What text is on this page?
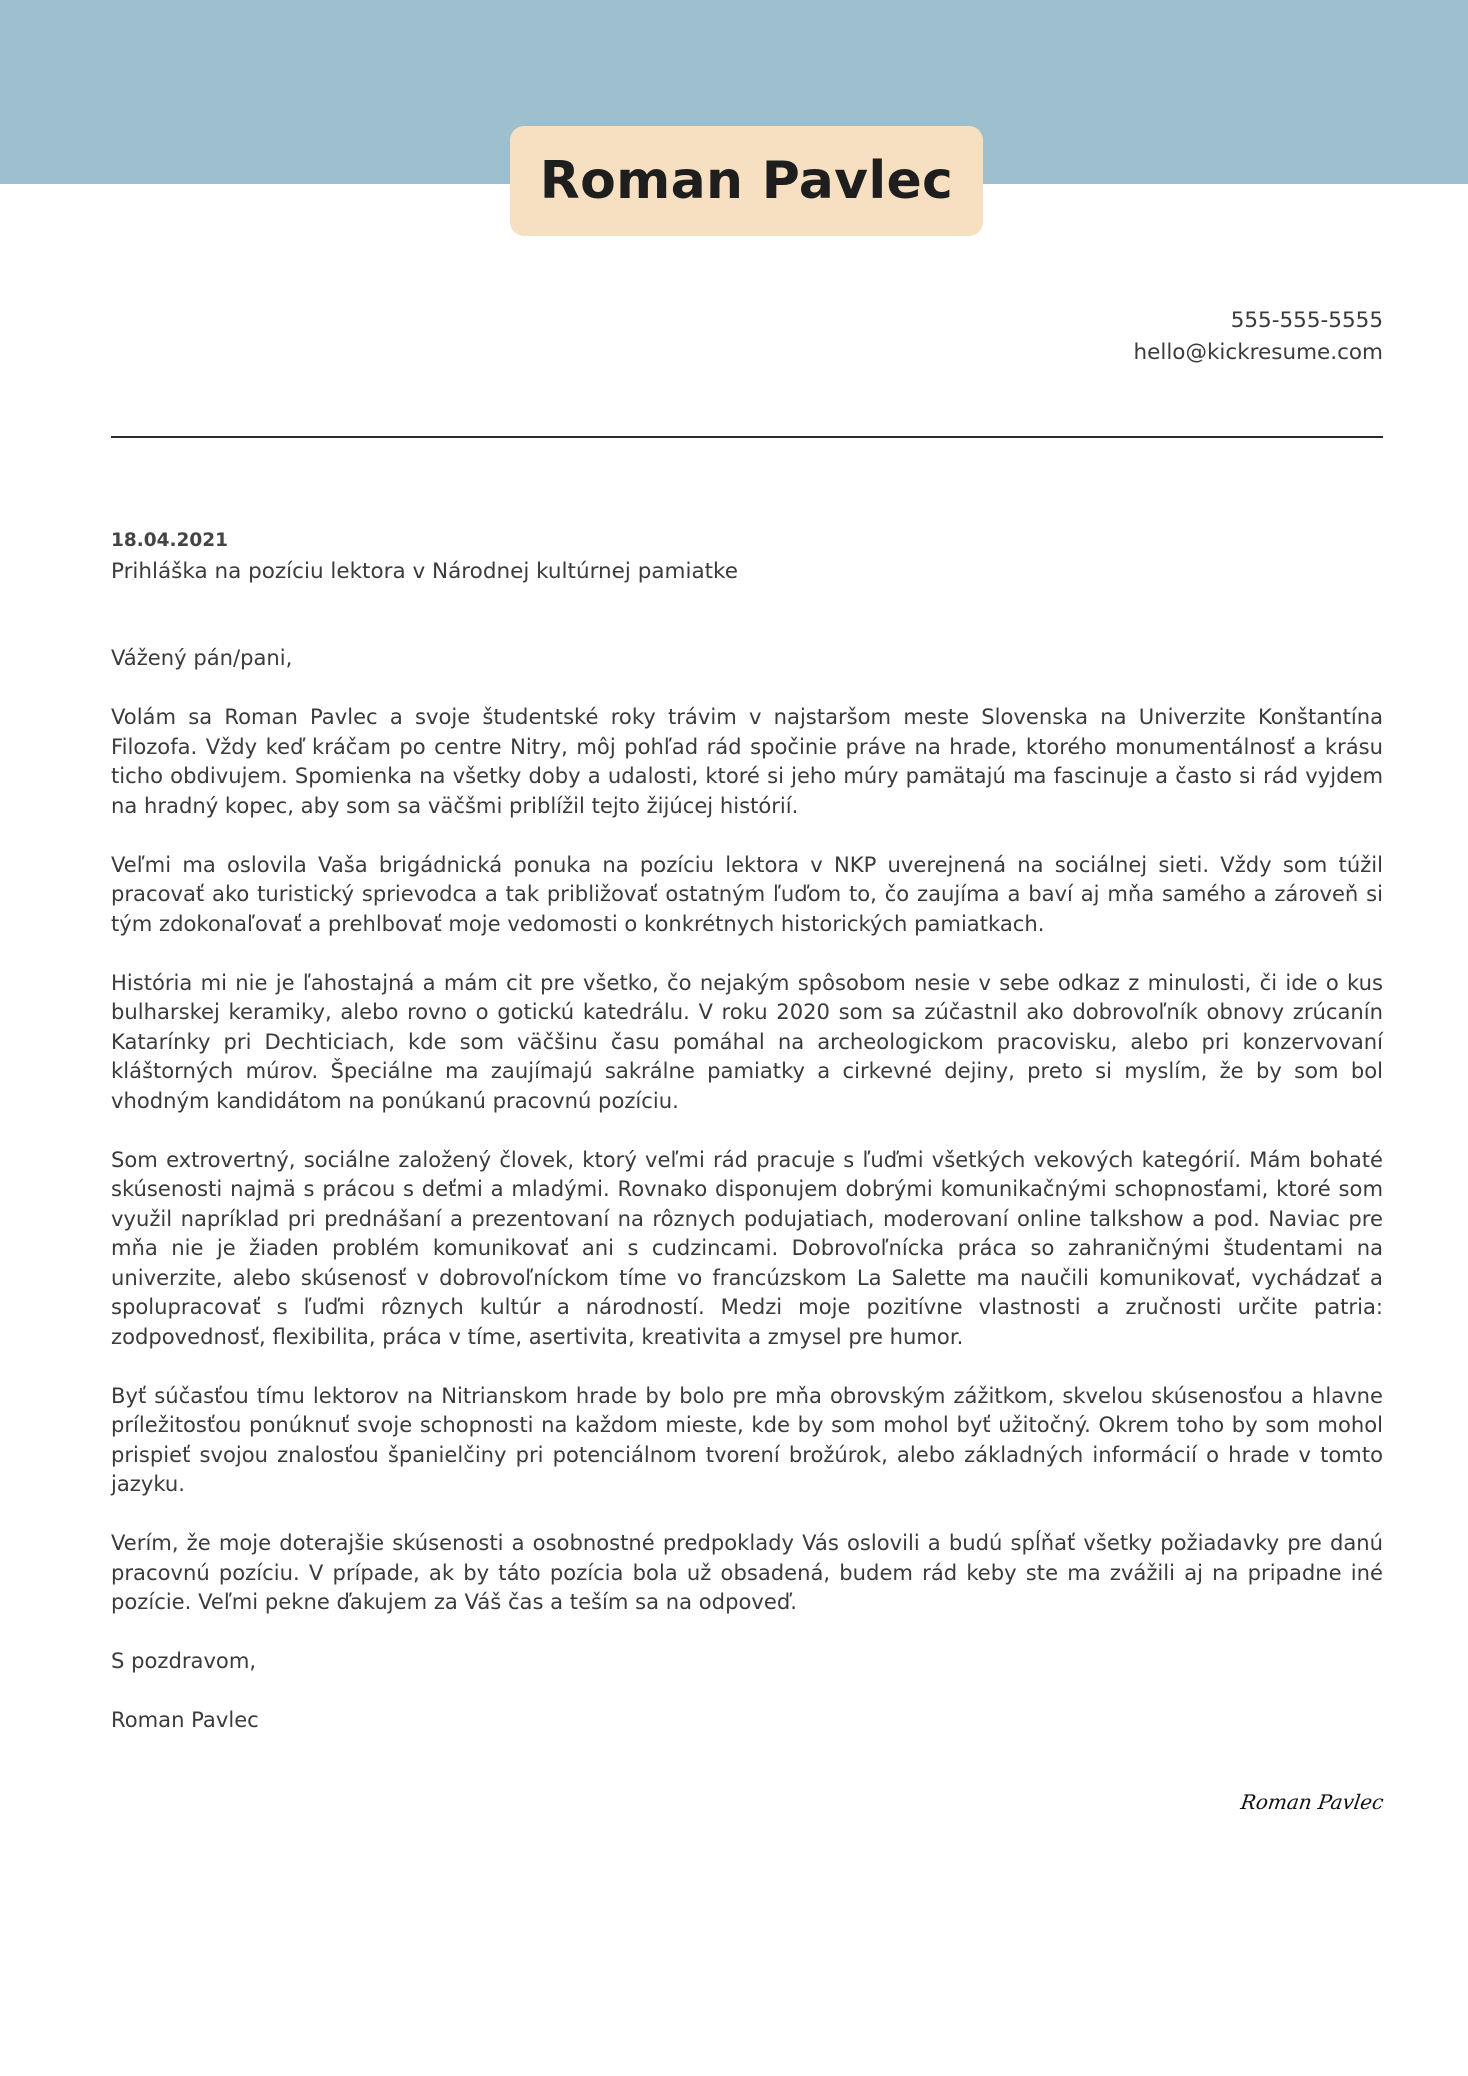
Roman Pavlec
555-555-5555
hello@kickresume.com
18.04.2021
Prihláška na pozíciu lektora v Národnej kultúrnej pamiatke

Vážený pán/pani,

Volám sa Roman Pavlec a svoje študentské roky trávim v najstaršom meste Slovenska na Univerzite Konštantína Filozofa. Vždy keď kráčam po centre Nitry, môj pohľad rád spočinie práve na hrade, ktorého monumentálnosť a krásu ticho obdivujem. Spomienka na všetky doby a udalosti, ktoré si jeho múry pamätajú ma fascinuje a často si rád vyjdem na hradný kopec, aby som sa väčšmi priblížil tejto žijúcej histórií.

Veľmi ma oslovila Vaša brigádnická ponuka na pozíciu lektora v NKP uverejnená na sociálnej sieti. Vždy som túžil pracovať ako turistický sprievodca a tak približovať ostatným ľuďom to, čo zaujíma a baví aj mňa samého a zároveň si tým zdokonaľovať a prehlbovať moje vedomosti o konkrétnych historických pamiatkach.

História mi nie je ľahostajná a mám cit pre všetko, čo nejakým spôsobom nesie v sebe odkaz z minulosti, či ide o kus bulharskej keramiky, alebo rovno o gotickú katedrálu. V roku 2020 som sa zúčastnil ako dobrovoľník obnovy zrúcanín Katarínky pri Dechticiach, kde som väčšinu času pomáhal na archeologickom pracovisku, alebo pri konzervovaní kláštorných múrov. Špeciálne ma zaujímajú sakrálne pamiatky a cirkevné dejiny, preto si myslím, že by som bol vhodným kandidátom na ponúkanú pracovnú pozíciu.

Som extrovertný, sociálne založený človek, ktorý veľmi rád pracuje s ľuďmi všetkých vekových kategórií. Mám bohaté skúsenosti najmä s prácou s deťmi a mladými. Rovnako disponujem dobrými komunikačnými schopnosťami, ktoré som využil napríklad pri prednášaní a prezentovaní na rôznych podujatiach, moderovaní online talkshow a pod. Naviac pre mňa nie je žiaden problém komunikovať ani s cudzincami. Dobrovoľnícka práca so zahraničnými študentami na univerzite, alebo skúsenosť v dobrovoľníckom tíme vo francúzskom La Salette ma naučili komunikovať, vychádzať a spolupracovať s ľuďmi rôznych kultúr a národností. Medzi moje pozitívne vlastnosti a zručnosti určite patria: zodpovednosť, flexibilita, práca v tíme, asertivita, kreativita a zmysel pre humor.

Byť súčasťou tímu lektorov na Nitrianskom hrade by bolo pre mňa obrovským zážitkom, skvelou skúsenosťou a hlavne príležitosťou ponúknuť svoje schopnosti na každom mieste, kde by som mohol byť užitočný. Okrem toho by som mohol prispieť svojou znalosťou španielčiny pri potenciálnom tvorení brožúrok, alebo základných informácií o hrade v tomto jazyku.

Verím, že moje doterajšie skúsenosti a osobnostné predpoklady Vás oslovili a budú spĺňať všetky požiadavky pre danú pracovnú pozíciu. V prípade, ak by táto pozícia bola už obsadená, budem rád keby ste ma zvážili aj na pripadne iné pozície. Veľmi pekne ďakujem za Váš čas a teším sa na odpoveď.

S pozdravom,

Roman Pavlec

Roman Pavlec
